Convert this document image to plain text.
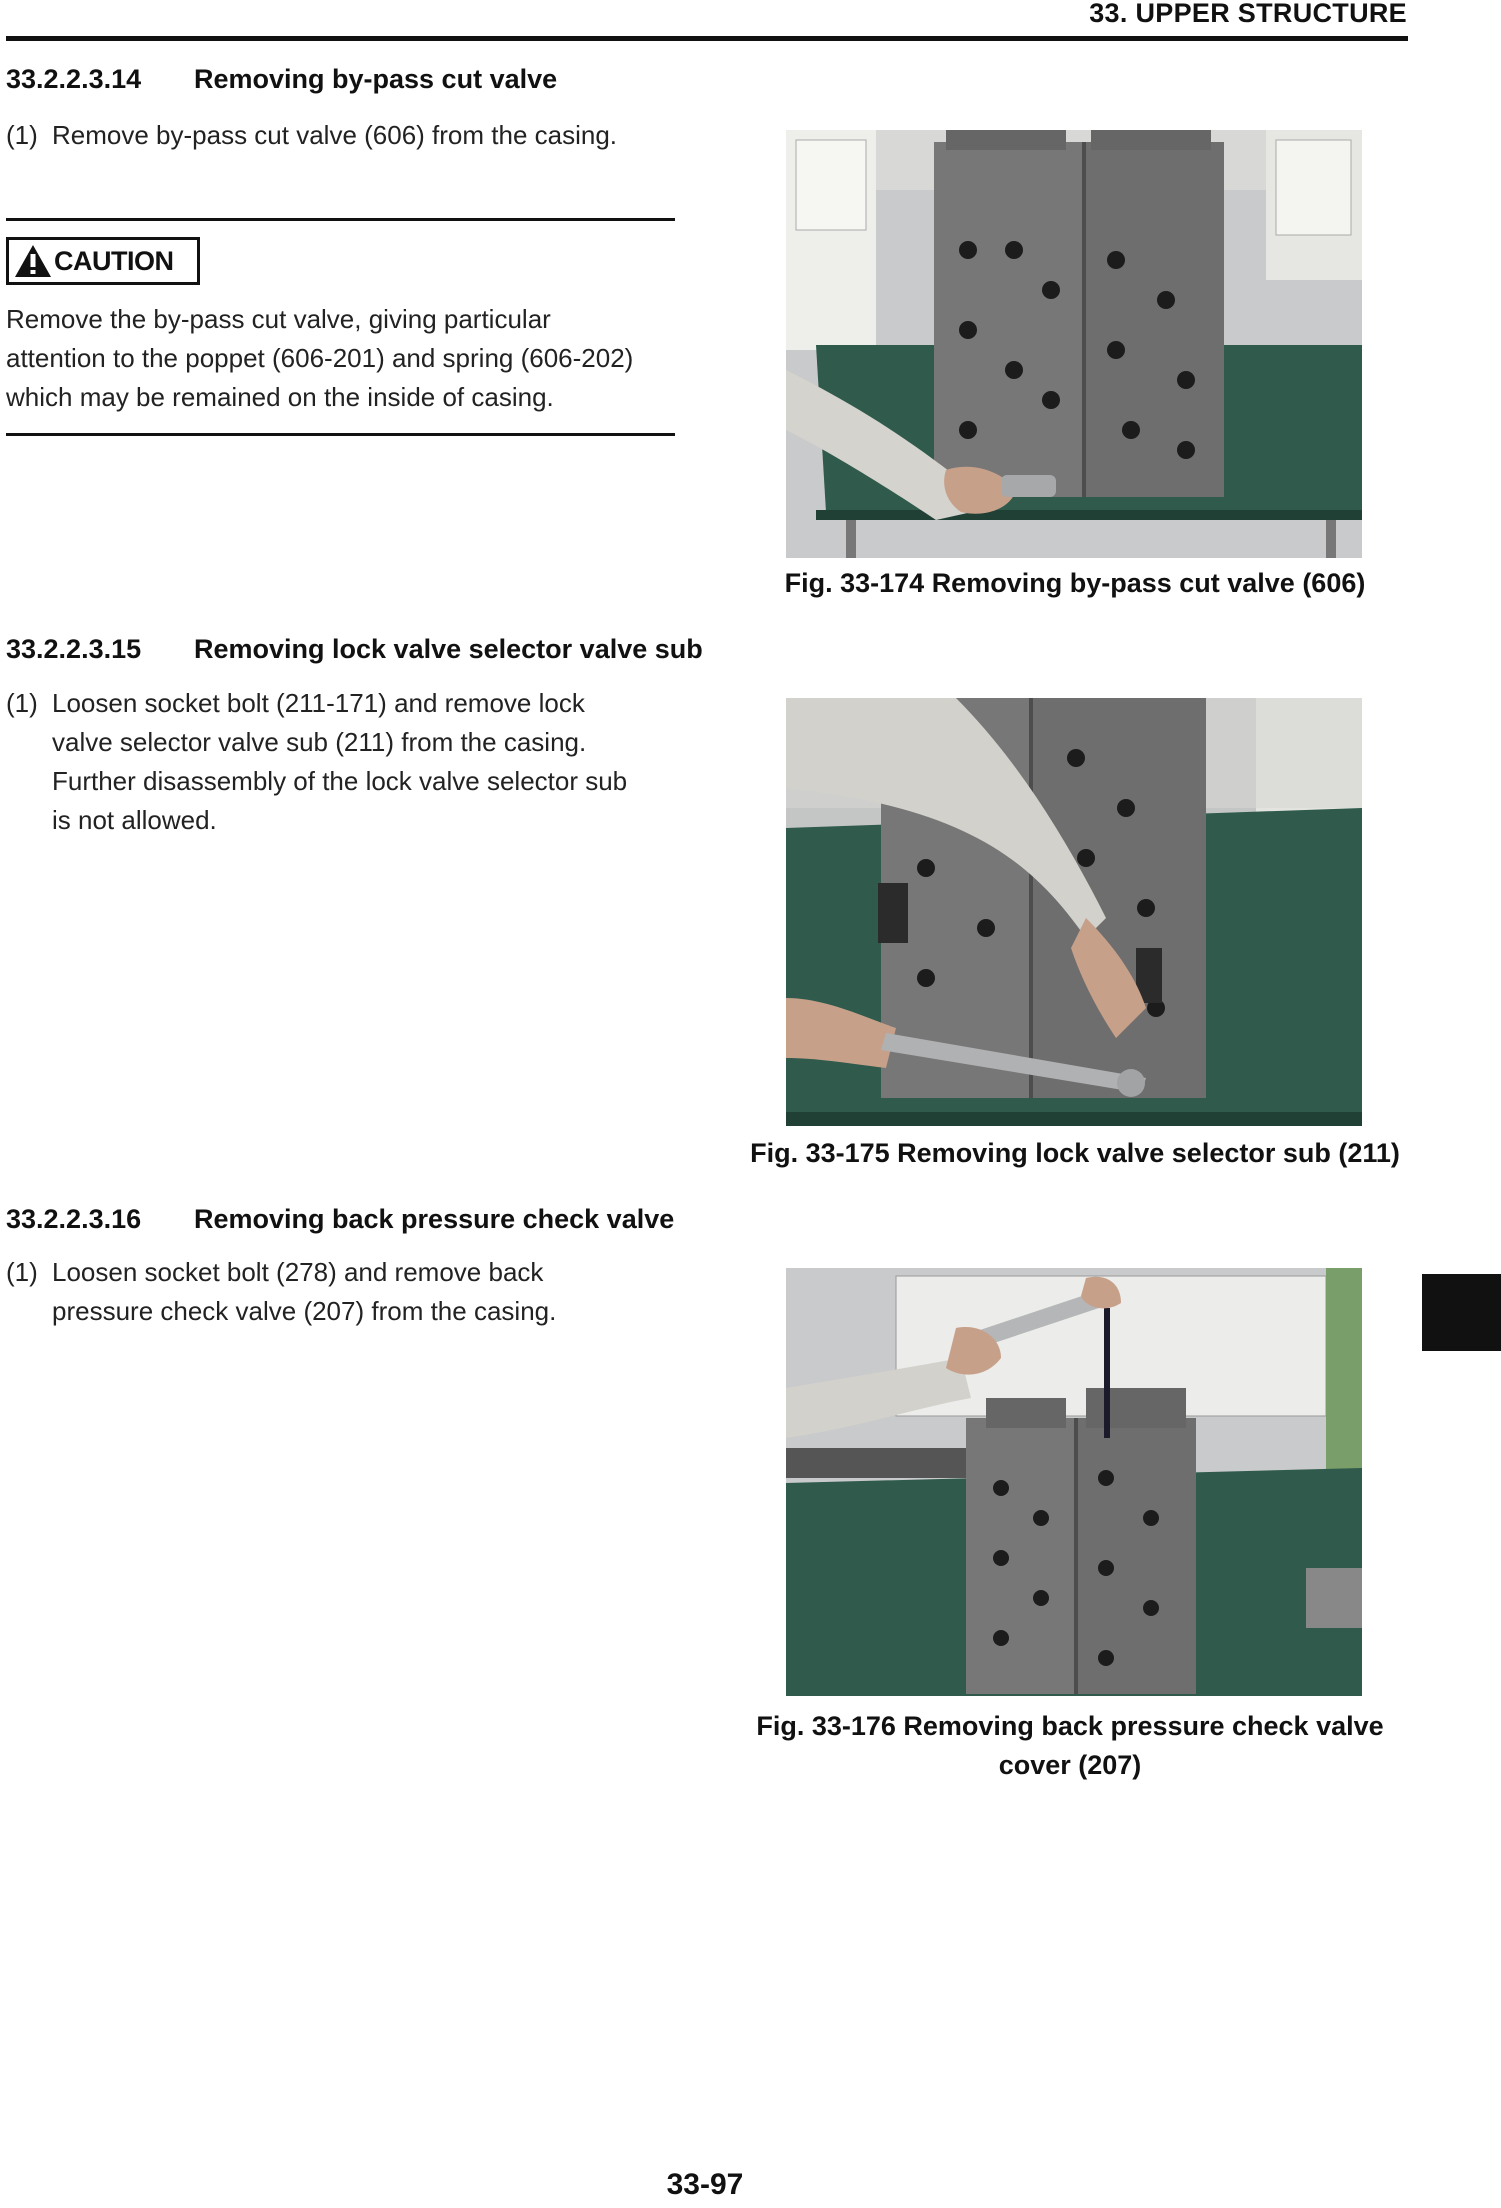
33. UPPER STRUCTURE
33.2.2.3.14 Removing by-pass cut valve
(1) Remove by-pass cut valve (606) from the casing.
CAUTION
Remove the by-pass cut valve, giving particular
attention to the poppet (606-201) and spring (606-202)
which may be remained on the inside of casing.
Fig. 33-174 Removing by-pass cut valve (606)
33.2.2.3.15 Removing lock valve selector valve sub
(1) Loosen socket bolt (211-171) and remove lock
valve selector valve sub (211) from the casing.
Further disassembly of the lock valve selector sub
is not allowed.
Fig. 33-175 Removing lock valve selector sub (211)
33.2.2.3.16 Removing back pressure check valve
(1) Loosen socket bolt (278) and remove back
pressure check valve (207) from the casing.
Fig. 33-176 Removing back pressure check valve
cover (207)
33-97
